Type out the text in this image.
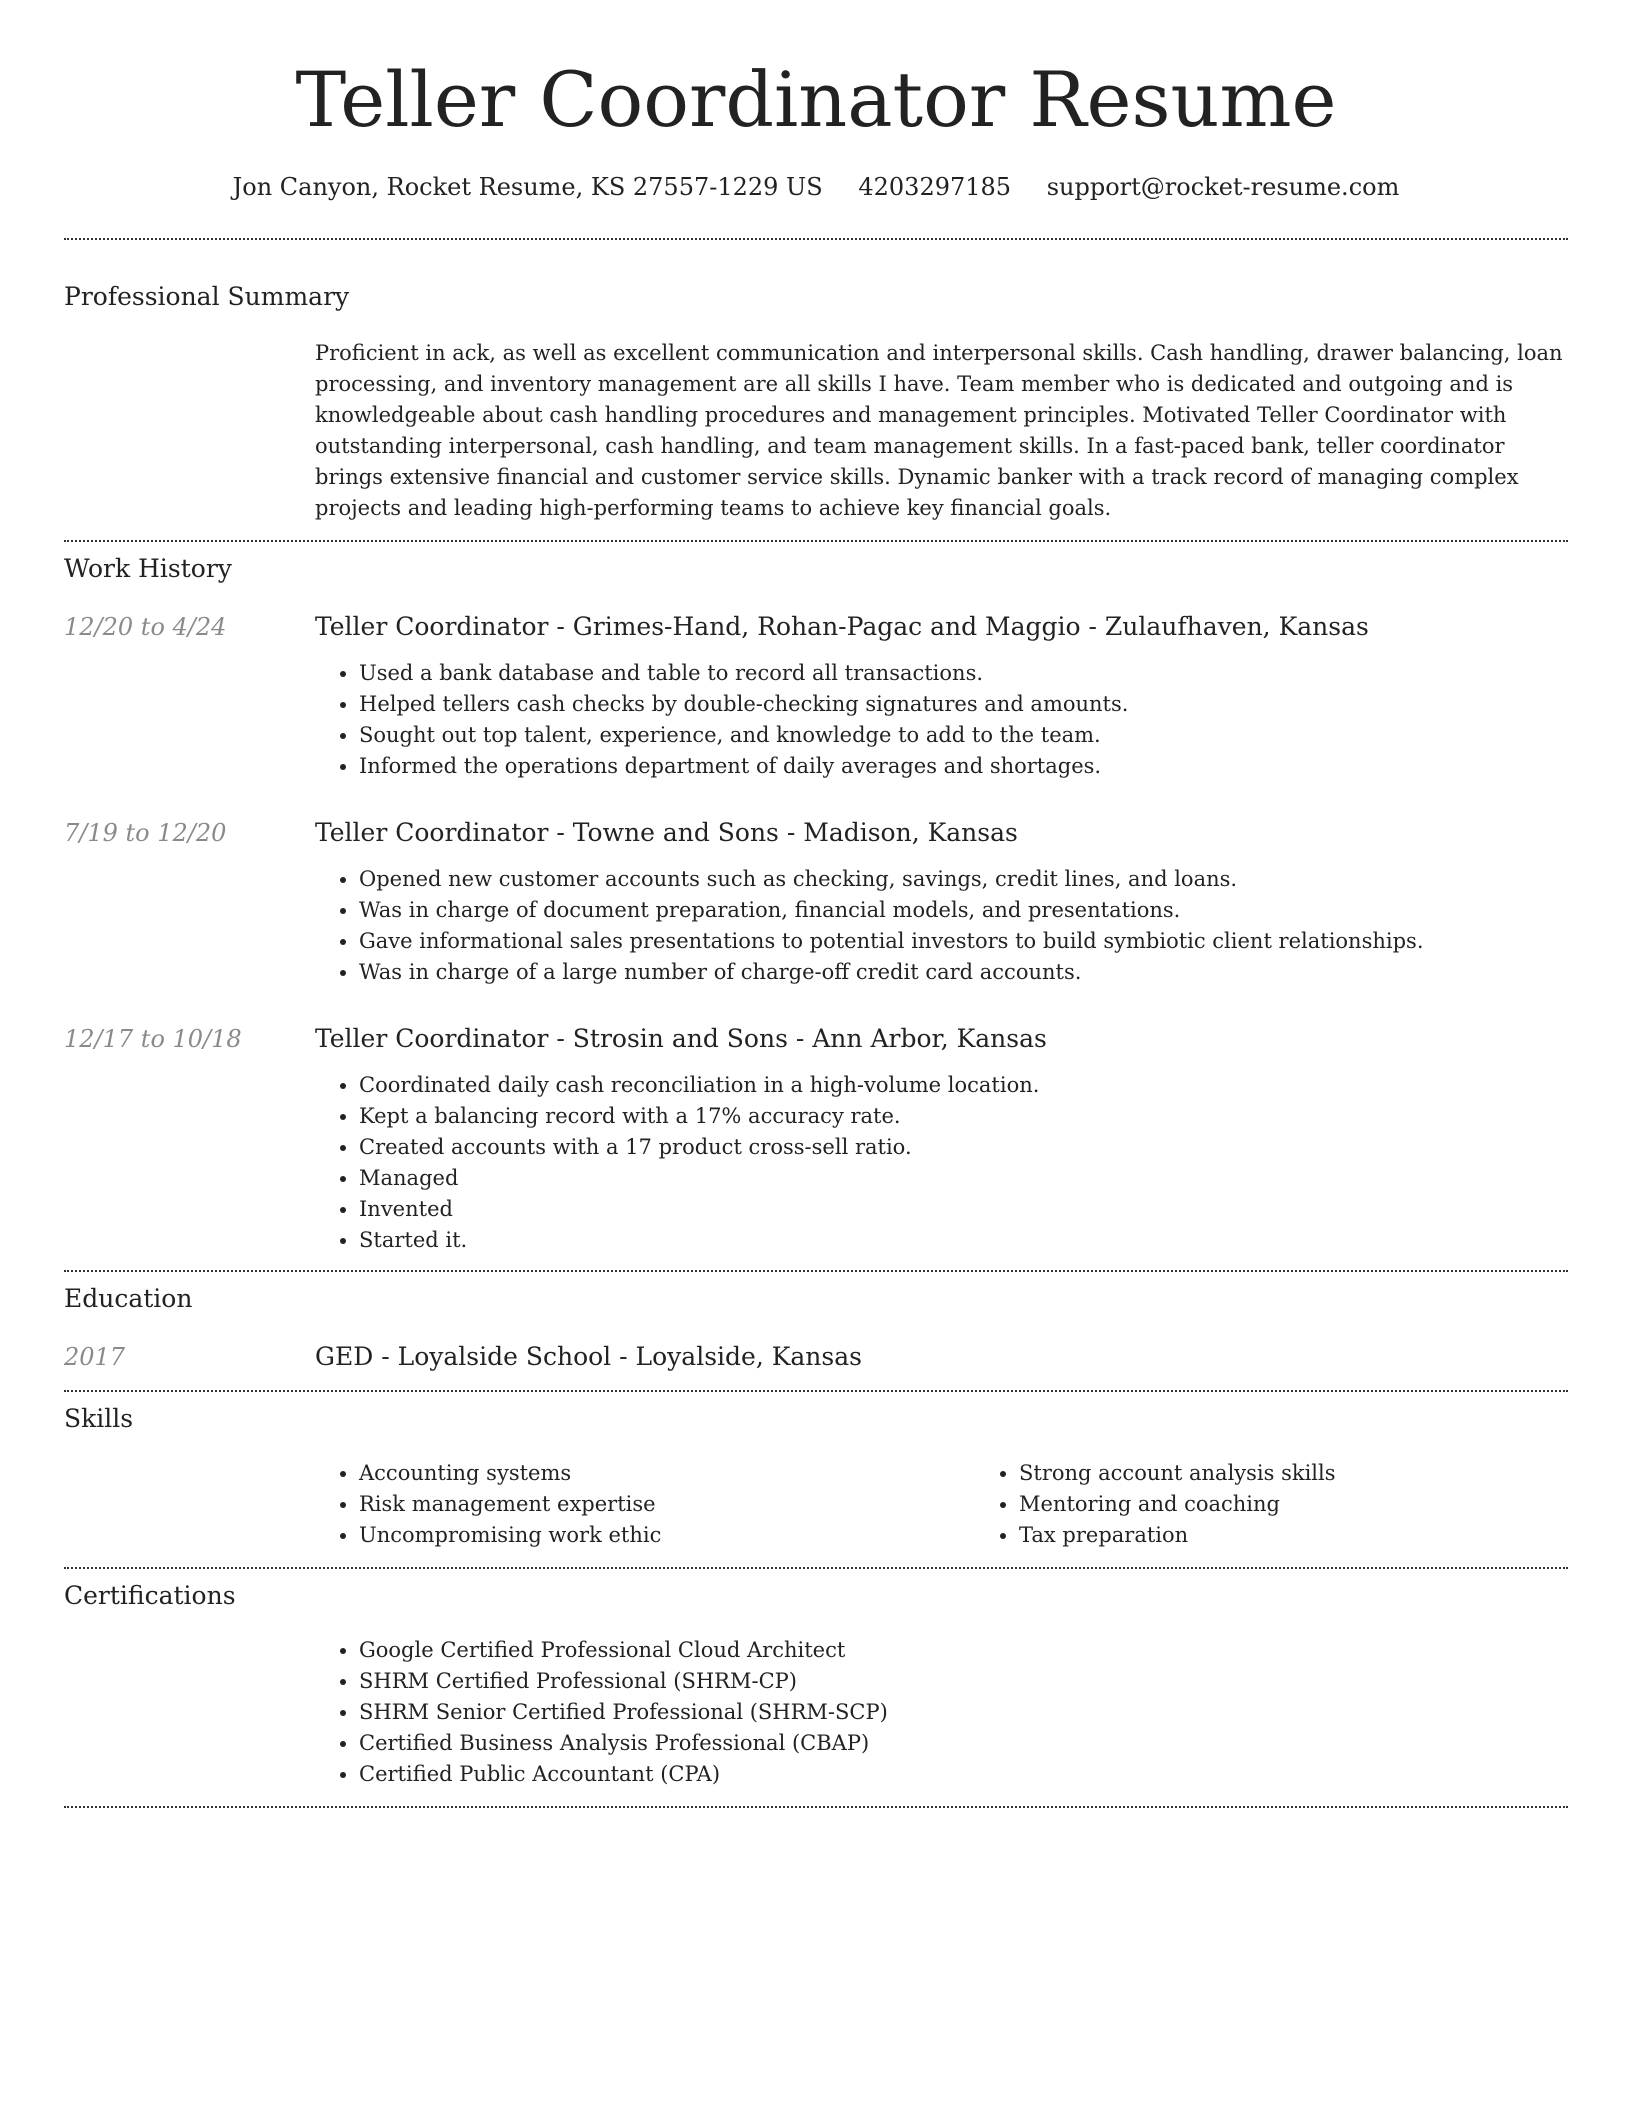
Teller Coordinator Resume
Jon Canyon, Rocket Resume, KS 27557-1229 US 4203297185 support@rocket-resume.com
Professional Summary

Proficient in ack, as well as excellent communication and interpersonal skills. Cash handling, drawer balancing, loan processing, and inventory management are all skills I have. Team member who is dedicated and outgoing and is knowledgeable about cash handling procedures and management principles. Motivated Teller Coordinator with outstanding interpersonal, cash handling, and team management skills. In a fast-paced bank, teller coordinator brings extensive financial and customer service skills. Dynamic banker with a track record of managing complex projects and leading high-performing teams to achieve key financial goals.

Work History
12/20 to 4/24	Teller Coordinator - Grimes-Hand, Rohan-Pagac and Maggio - Zulaufhaven, Kansas

• Used a bank database and table to record all transactions.
• Helped tellers cash checks by double-checking signatures and amounts.
• Sought out top talent, experience, and knowledge to add to the team.
• Informed the operations department of daily averages and shortages.
7/19 to 12/20	Teller Coordinator - Towne and Sons - Madison, Kansas

• Opened new customer accounts such as checking, savings, credit lines, and loans.
• Was in charge of document preparation, financial models, and presentations.
• Gave informational sales presentations to potential investors to build symbiotic client relationships.
• Was in charge of a large number of charge-off credit card accounts.
12/17 to 10/18	Teller Coordinator - Strosin and Sons - Ann Arbor, Kansas

• Coordinated daily cash reconciliation in a high-volume location.
• Kept a balancing record with a 17% accuracy rate.
• Created accounts with a 17 product cross-sell ratio.
• Managed
• Invented
• Started it.
Education
2017	GED - Loyalside School - Loyalside, Kansas

Skills
• Accounting systems
• Risk management expertise
• Uncompromising work ethic
• Strong account analysis skills
• Mentoring and coaching
• Tax preparation
Certifications
• Google Certified Professional Cloud Architect
• SHRM Certified Professional (SHRM-CP)
• SHRM Senior Certified Professional (SHRM-SCP)
• Certified Business Analysis Professional (CBAP)
• Certified Public Accountant (CPA)
